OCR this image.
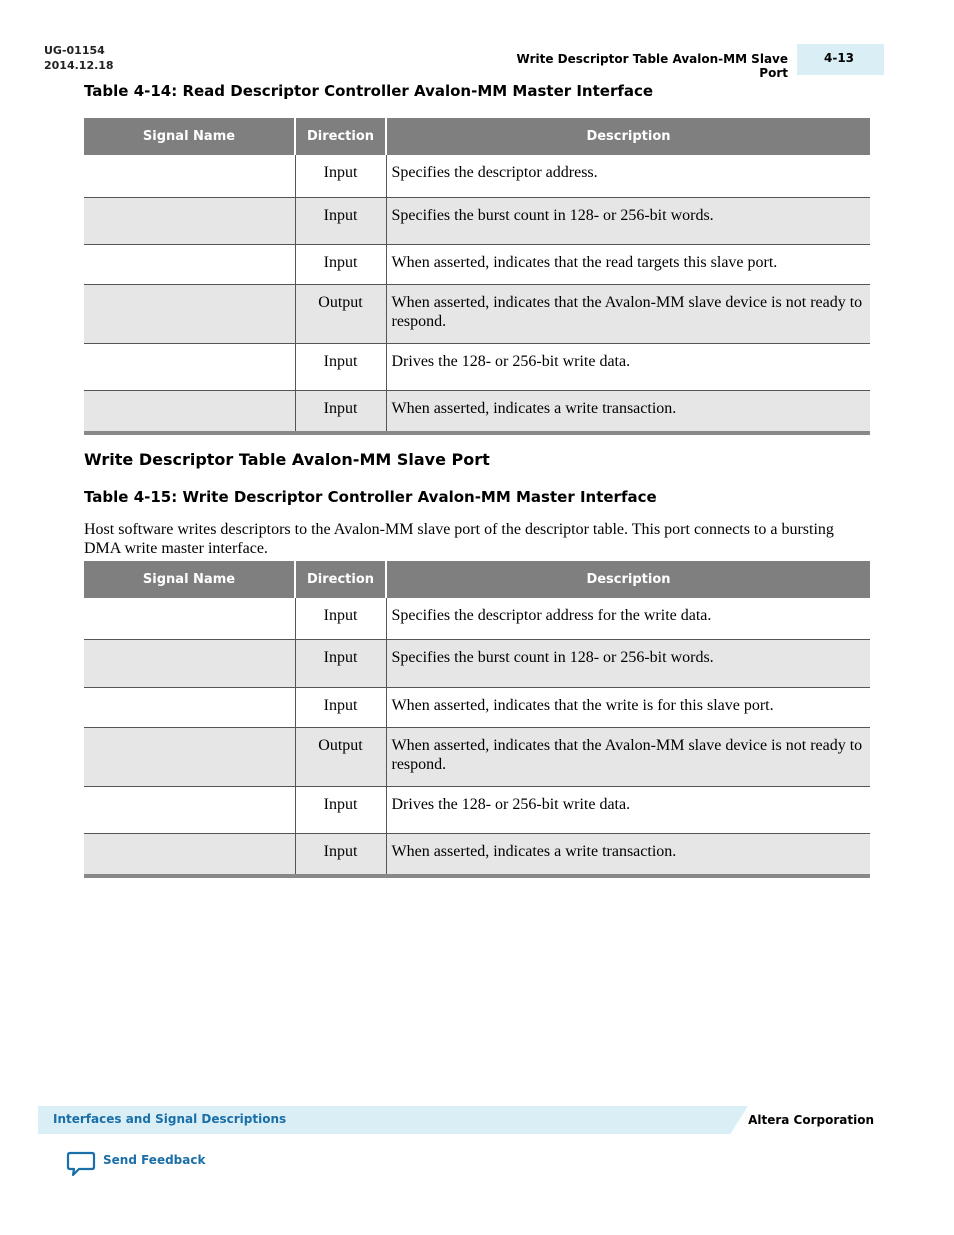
UG-01154
2014.12.18	Write Descriptor Table Avalon-MM Slave Port
4-13
Table 4-14: Read Descriptor Controller Avalon-MM Master Interface
Signal Name	Direction	Description
	Input	Specifies the descriptor address.
	Input	Specifies the burst count in 128- or 256-bit words.
	Input	When asserted, indicates that the read targets this slave port.
	Output	When asserted, indicates that the Avalon-MM slave device is not ready to respond.
	Input	Drives the 128- or 256-bit write data.
	Input	When asserted, indicates a write transaction.
Write Descriptor Table Avalon-MM Slave Port
Table 4-15: Write Descriptor Controller Avalon-MM Master Interface
Host software writes descriptors to the Avalon-MM slave port of the descriptor table. This port connects to a bursting DMA write master interface.
Signal Name	Direction	Description
	Input	Specifies the descriptor address for the write data.
	Input	Specifies the burst count in 128- or 256-bit words.
	Input	When asserted, indicates that the write is for this slave port.
	Output	When asserted, indicates that the Avalon-MM slave device is not ready to respond.
	Input	Drives the 128- or 256-bit write data.
	Input	When asserted, indicates a write transaction.
Interfaces and Signal Descriptions	Altera Corporation
Send Feedback
